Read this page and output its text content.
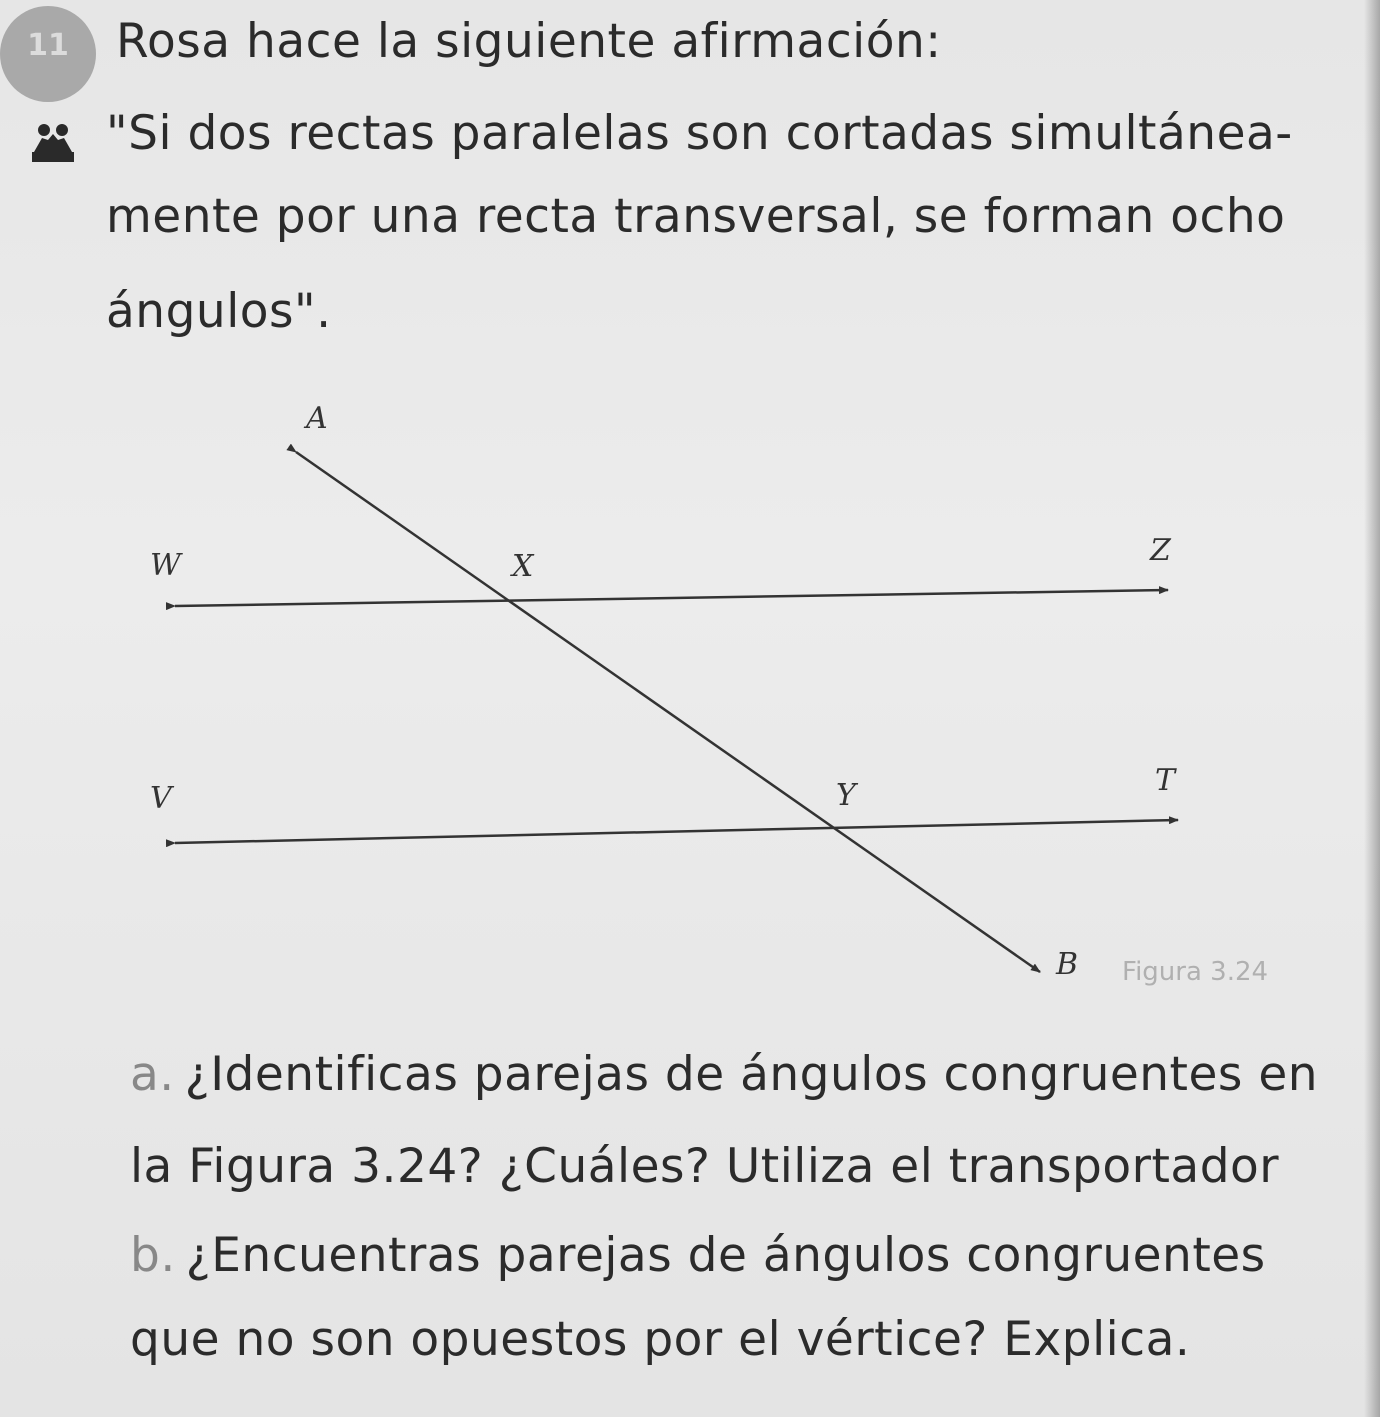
11	Rosa hace la siguiente afirmación:
"Si dos rectas paralelas son cortadas simultánea-
mente por una recta transversal, se forman ocho
ángulos".
A
W	X	Z
V	Y	T
B Figura 3.24
a. ¿Identificas parejas de ángulos congruentes en
la Figura 3.24? ¿Cuáles? Utiliza el transportador
b. ¿Encuentras parejas de ángulos congruentes
que no son opuestos por el vértice? Explica.
